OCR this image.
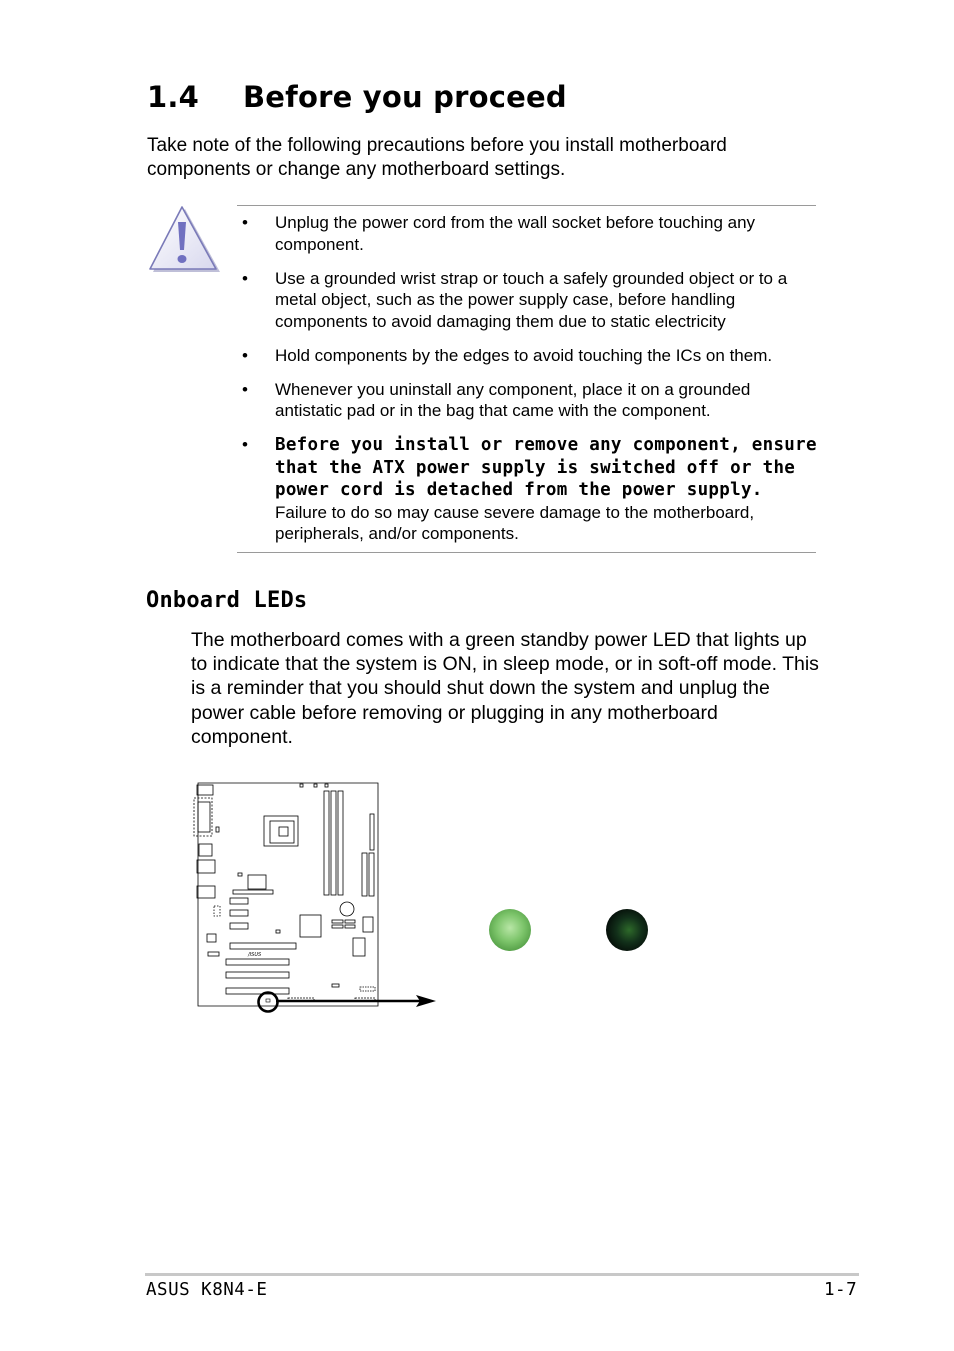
1.4 Before you proceed
Take note of the following precautions before you install motherboard components or change any motherboard settings.
• Unplug the power cord from the wall socket before touching any component.
• Use a grounded wrist strap or touch a safely grounded object or to a metal object, such as the power supply case, before handling components to avoid damaging them due to static electricity
• Hold components by the edges to avoid touching the ICs on them.
• Whenever you uninstall any component, place it on a grounded antistatic pad or in the bag that came with the component.
• Before you install or remove any component, ensure that the ATX power supply is switched off or the power cord is detached from the power supply. Failure to do so may cause severe damage to the motherboard, peripherals, and/or components.
Onboard LEDs
The motherboard comes with a green standby power LED that lights up to indicate that the system is ON, in sleep mode, or in soft-off mode. This is a reminder that you should shut down the system and unplug the power cable before removing or plugging in any motherboard component.
/ISUS
ASUS K8N4-E	1-7
